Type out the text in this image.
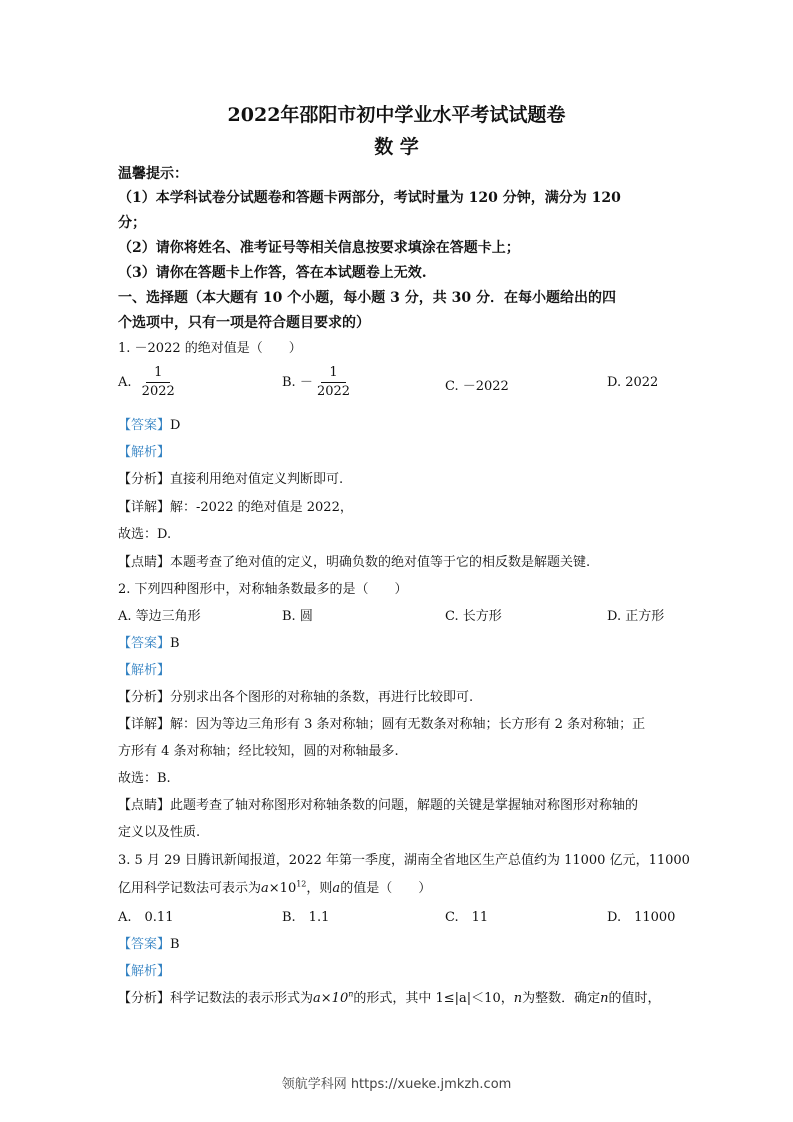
2022年邵阳市初中学业水平考试试题卷
数 学
温馨提示：
（1）本学科试卷分试题卷和答题卡两部分，考试时量为 120 分钟，满分为 120
分；
（2）请你将姓名、准考证号等相关信息按要求填涂在答题卡上；
（3）请你在答题卡上作答，答在本试题卷上无效.
一、选择题（本大题有 10 个小题，每小题 3 分，共 30 分．在每小题给出的四
个选项中，只有一项是符合题目要求的）
1. －2022 的绝对值是（　　）
A. $\frac{1}{2022}$	B. － $\frac{1}{2022}$	C. －2022	D. 2022
【答案】D
【解析】
【分析】直接利用绝对值定义判断即可.
【详解】解：-2022 的绝对值是 2022，
故选：D.
【点睛】本题考查了绝对值的定义，明确负数的绝对值等于它的相反数是解题关键.
2. 下列四种图形中，对称轴条数最多的是（　　）
A. 等边三角形	B. 圆	C. 长方形	D. 正方形
【答案】B
【解析】
【分析】分别求出各个图形的对称轴的条数，再进行比较即可.
【详解】解：因为等边三角形有 3 条对称轴；圆有无数条对称轴；长方形有 2 条对称轴；正
方形有 4 条对称轴；经比较知，圆的对称轴最多.
故选：B.
【点睛】此题考查了轴对称图形对称轴条数的问题，解题的关键是掌握轴对称图形对称轴的
定义以及性质.
3. 5 月 29 日腾讯新闻报道，2022 年第一季度，湖南全省地区生产总值约为 11000 亿元，11000
亿用科学记数法可表示为$a\times 10^{12}$，则a的值是（　　）
A.　0.11	B.　1.1	C.　11	D.　11000
【答案】B
【解析】
【分析】科学记数法的表示形式为$a\times 10^n$的形式，其中 1≤|a|＜10，n为整数．确定n的值时，
领航学科网 https://xueke.jmkzh.com
